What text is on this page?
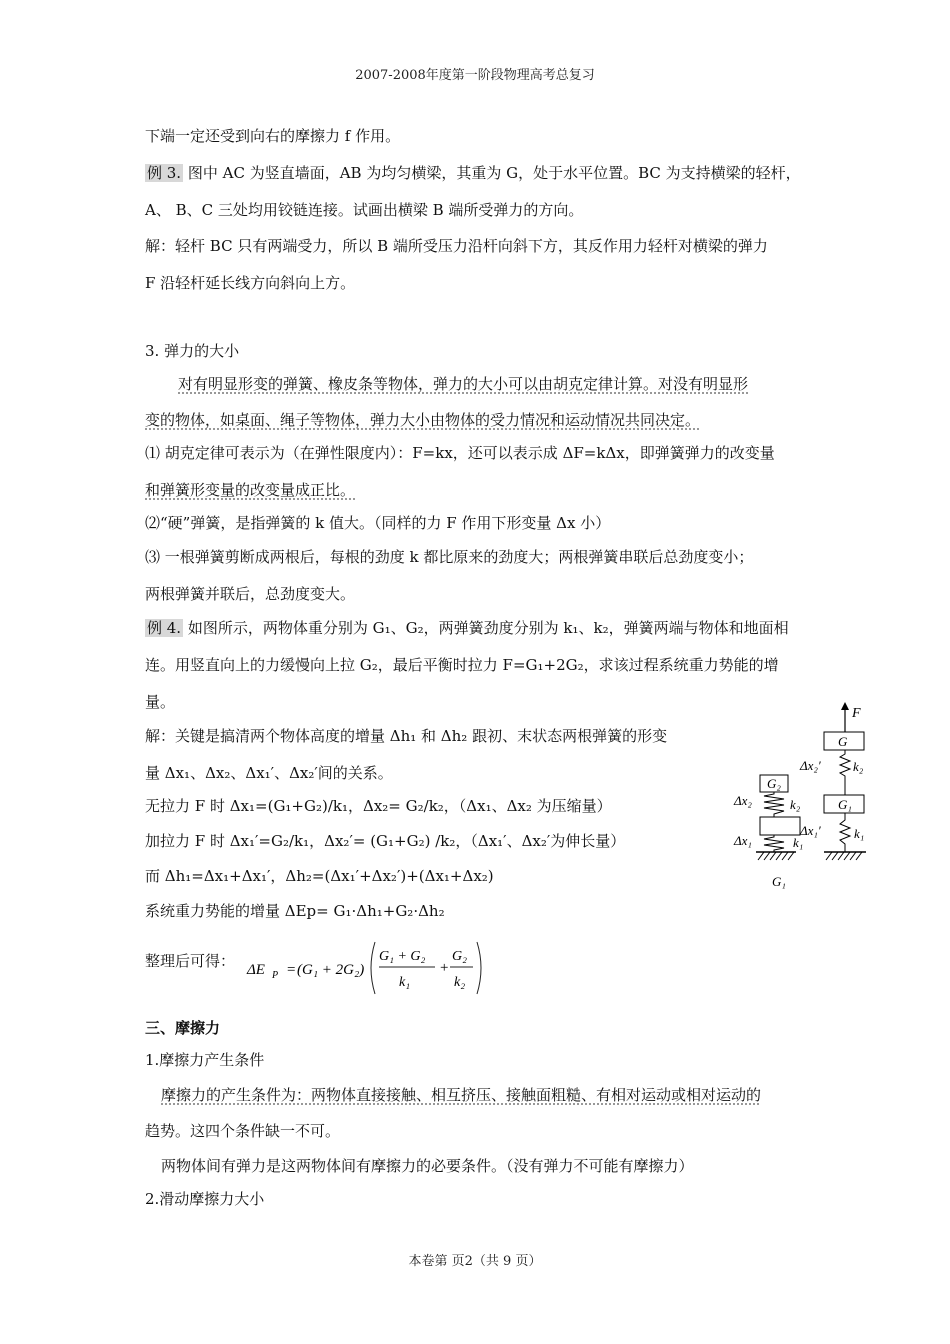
2007-2008年度第一阶段物理高考总复习
下端一定还受到向右的摩擦力 f 作用。
例 3. 图中 AC 为竖直墙面，AB 为均匀横梁，其重为 G，处于水平位置。BC 为支持横梁的轻杆，
A、 B、C 三处均用铰链连接。试画出横梁 B 端所受弹力的方向。
解：轻杆 BC 只有两端受力，所以 B 端所受压力沿杆向斜下方，其反作用力轻杆对横梁的弹力
F 沿轻杆延长线方向斜向上方。
3. 弹力的大小
对有明显形变的弹簧、橡皮条等物体，弹力的大小可以由胡克定律计算。对没有明显形
变的物体，如桌面、绳子等物体，弹力大小由物体的受力情况和运动情况共同决定。
⑴ 胡克定律可表示为（在弹性限度内）：F=kx，还可以表示成 ΔF=kΔx，即弹簧弹力的改变量
和弹簧形变量的改变量成正比。
⑵“硬”弹簧，是指弹簧的 k 值大。（同样的力 F 作用下形变量 Δx 小）
⑶ 一根弹簧剪断成两根后，每根的劲度 k 都比原来的劲度大；两根弹簧串联后总劲度变小；
两根弹簧并联后，总劲度变大。
例 4. 如图所示，两物体重分别为 G₁、G₂，两弹簧劲度分别为 k₁、k₂，弹簧两端与物体和地面相
连。用竖直向上的力缓慢向上拉 G₂，最后平衡时拉力 F=G₁+2G₂，求该过程系统重力势能的增
量。
解：关键是搞清两个物体高度的增量 Δh₁ 和 Δh₂ 跟初、末状态两根弹簧的形变
量 Δx₁、Δx₂、Δx₁′、Δx₂′间的关系。
无拉力 F 时 Δx₁=(G₁+G₂)/k₁，Δx₂= G₂/k₂，（Δx₁、Δx₂ 为压缩量）
加拉力 F 时 Δx₁′=G₂/k₁，Δx₂′= (G₁+G₂) /k₂，（Δx₁′、Δx₂′为伸长量）
而 Δh₁=Δx₁+Δx₁′，Δh₂=(Δx₁′+Δx₂′)+(Δx₁+Δx₂)
系统重力势能的增量 ΔEp= G₁·Δh₁+G₂·Δh₂
整理后可得：
三、摩擦力
1.摩擦力产生条件
摩擦力的产生条件为：两物体直接接触、相互挤压、接触面粗糙、有相对运动或相对运动的
趋势。这四个条件缺一不可。
两物体间有弹力是这两物体间有摩擦力的必要条件。（没有弹力不可能有摩擦力）
2.滑动摩擦力大小
ΔE P = (G₁ + 2G₂)
G₁ + G₂
k₁
+
G₂
k₂
F
G
k₂
Δx₂′
G₁
k₁
Δx₁′
G₂
k₂
Δx₂
k₁
Δx₁
G₁
本卷第 页2（共 9 页）
